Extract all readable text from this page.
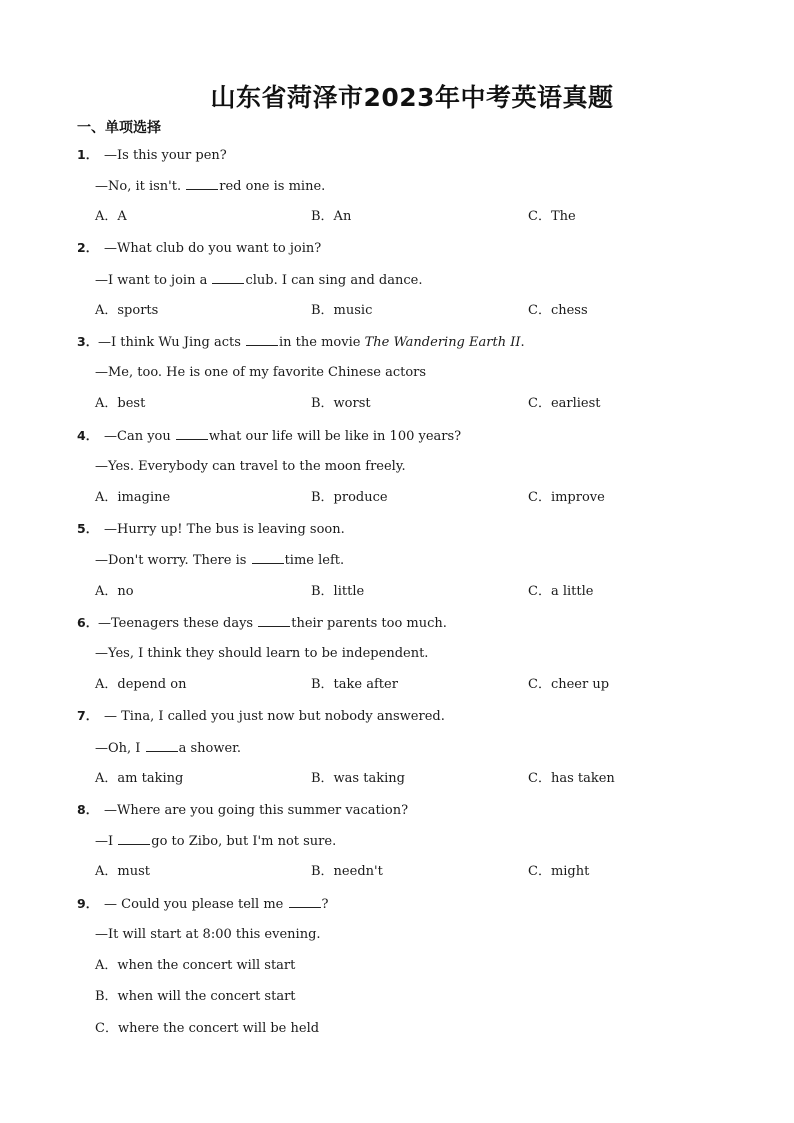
山东省菏泽市2023年中考英语真题
一、单项选择
1． —Is this your pen?
—No, it isn't.	red one is mine.
A．A	B．An	C．The
2． —What club do you want to join?
—I want to join a	club. I can sing and dance.
A．sports	B．music	C．chess
3．—I think Wu Jing acts	in the movie The Wandering Earth II.
—Me, too. He is one of my favorite Chinese actors
A．best	B．worst	C．earliest
4． —Can you	what our life will be like in 100 years?
—Yes. Everybody can travel to the moon freely.
A．imagine	B．produce	C．improve
5． —Hurry up! The bus is leaving soon.
—Don't worry. There is	time left.
A．no	B．little	C．a little
6．—Teenagers these days	their parents too much.
—Yes, I think they should learn to be independent.
A．depend on	B．take after	C．cheer up
7． — Tina, I called you just now but nobody answered.
—Oh, I	a shower.
A．am taking	B．was taking	C．has taken
8． —Where are you going this summer vacation?
—I	go to Zibo, but I'm not sure.
A．must	B．needn't	C．might
9． — Could you please tell me	?
—It will start at 8:00 this evening.
A．when the concert will start
B．when will the concert start
C．where the concert will be held
